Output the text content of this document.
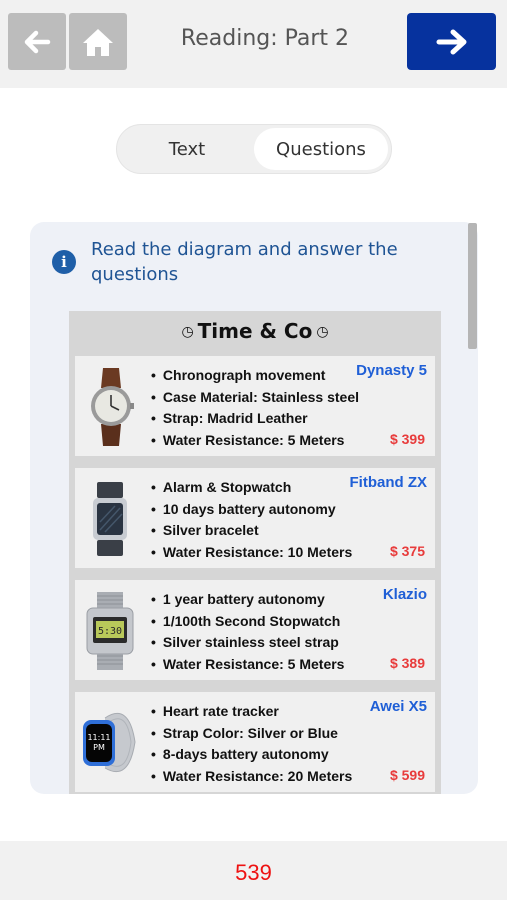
Reading: Part 2
Text	Questions
i
Read the diagram and answer the questions
◷ Time & Co ◷
• Chronograph movement
• Case Material: Stainless steel
• Strap: Madrid Leather
• Water Resistance: 5 Meters
Dynasty 5
$ 399
• Alarm & Stopwatch
• 10 days battery autonomy
• Silver bracelet
• Water Resistance: 10 Meters
Fitband ZX
$ 375
5:30
• 1 year battery autonomy
• 1/100th Second Stopwatch
• Silver stainless steel strap
• Water Resistance: 5 Meters
Klazio
$ 389
11:11
PM
• Heart rate tracker
• Strap Color: Silver or Blue
• 8-days battery autonomy
• Water Resistance: 20 Meters
Awei X5
$ 599
539
